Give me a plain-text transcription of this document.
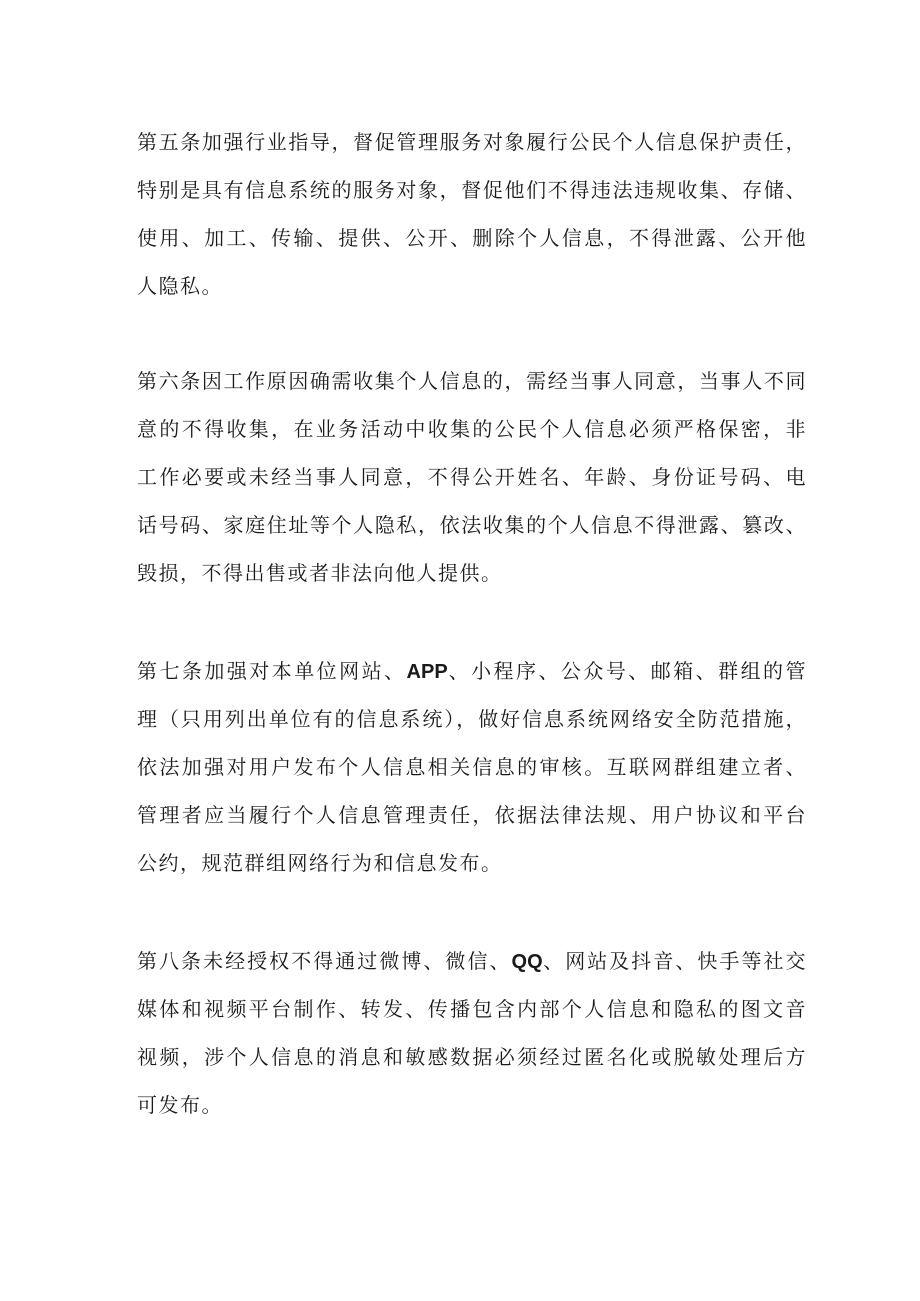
第五条加强行业指导，督促管理服务对象履行公民个人信息保护责任，
特别是具有信息系统的服务对象，督促他们不得违法违规收集、存储、
使用、加工、传输、提供、公开、删除个人信息，不得泄露、公开他
人隐私。
第六条因工作原因确需收集个人信息的，需经当事人同意，当事人不同
意的不得收集，在业务活动中收集的公民个人信息必须严格保密，非
工作必要或未经当事人同意，不得公开姓名、年龄、身份证号码、电
话号码、家庭住址等个人隐私，依法收集的个人信息不得泄露、篡改、
毁损，不得出售或者非法向他人提供。
第七条加强对本单位网站、APP、小程序、公众号、邮箱、群组的管
理（只用列出单位有的信息系统），做好信息系统网络安全防范措施，
依法加强对用户发布个人信息相关信息的审核。互联网群组建立者、
管理者应当履行个人信息管理责任，依据法律法规、用户协议和平台
公约，规范群组网络行为和信息发布。
第八条未经授权不得通过微博、微信、QQ、网站及抖音、快手等社交
媒体和视频平台制作、转发、传播包含内部个人信息和隐私的图文音
视频，涉个人信息的消息和敏感数据必须经过匿名化或脱敏处理后方
可发布。
